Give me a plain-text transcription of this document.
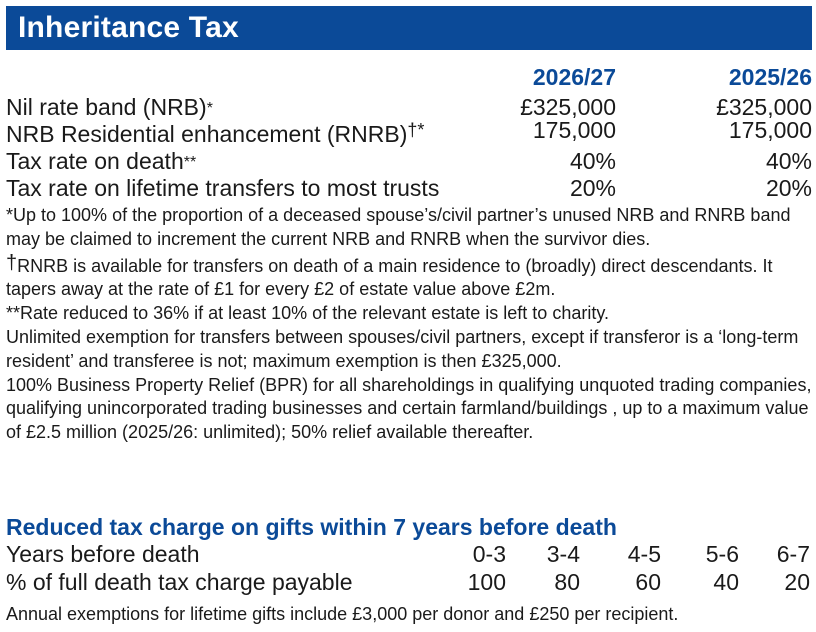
Inheritance Tax
2026/27	2025/26
Nil rate band (NRB)*	£325,000	£325,000
NRB Residential enhancement (RNRB)†*	175,000	175,000
Tax rate on death**	40%	40%
Tax rate on lifetime transfers to most trusts	20%	20%

*Up to 100% of the proportion of a deceased spouse’s/civil partner’s unused NRB and RNRB band may be claimed to increment the current NRB and RNRB when the survivor dies.

†RNRB is available for transfers on death of a main residence to (broadly) direct descendants. It tapers away at the rate of £1 for every £2 of estate value above £2m.

**Rate reduced to 36% if at least 10% of the relevant estate is left to charity.

Unlimited exemption for transfers between spouses/civil partners, except if transferor is a ‘long-term resident’ and transferee is not; maximum exemption is then £325,000.

100% Business Property Relief (BPR) for all shareholdings in qualifying unquoted trading companies, qualifying unincorporated trading businesses and certain farmland/buildings , up to a maximum value of £2.5 million (2025/26: unlimited); 50% relief available thereafter.

Reduced tax charge on gifts within 7 years before death
Years before death	0-3	3-4	4-5	5-6	6-7
% of full death tax charge payable	100	80	60	40	20
Annual exemptions for lifetime gifts include £3,000 per donor and £250 per recipient.
